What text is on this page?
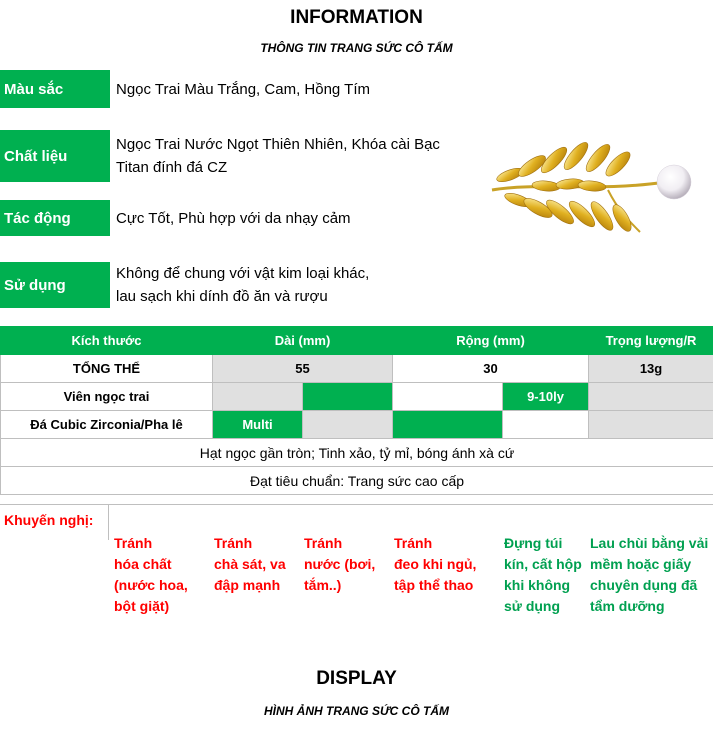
INFORMATION
THÔNG TIN TRANG SỨC CÔ TẤM
Màu sắc	Ngọc Trai Màu Trắng, Cam, Hồng Tím
Chất liệu
Ngọc Trai Nước Ngọt Thiên Nhiên, Khóa cài Bạc
Titan đính đá CZ
Tác động	Cực Tốt, Phù hợp với da nhạy cảm
Sử dụng
Không để chung với vật kim loại khác,
lau sạch khi dính đồ ăn và rượu
Kích thước	Dài (mm)		Rộng (mm)		Trọng lượng/R
TỔNG THỂ	55		30		13g
Viên ngọc trai				9-10ly	
Đá Cubic Zirconia/Pha lê	Multi				
Hạt ngọc gần tròn; Tinh xảo, tỷ mỉ, bóng ánh xà cứ					
Đạt tiêu chuẩn: Trang sức cao cấp					
Khuyến nghị:
Tránh
hóa chất
(nước hoa,
bột giặt)
Tránh
chà sát, va
đập mạnh
Tránh
nước (bơi,
tắm..)
Tránh
đeo khi ngủ,
tập thể thao
Đựng túi
kín, cất hộp
khi không
sử dụng
Lau chùi bằng vải
mềm hoặc giấy
chuyên dụng đã
tẩm dưỡng
DISPLAY
HÌNH ẢNH TRANG SỨC CÔ TẤM
